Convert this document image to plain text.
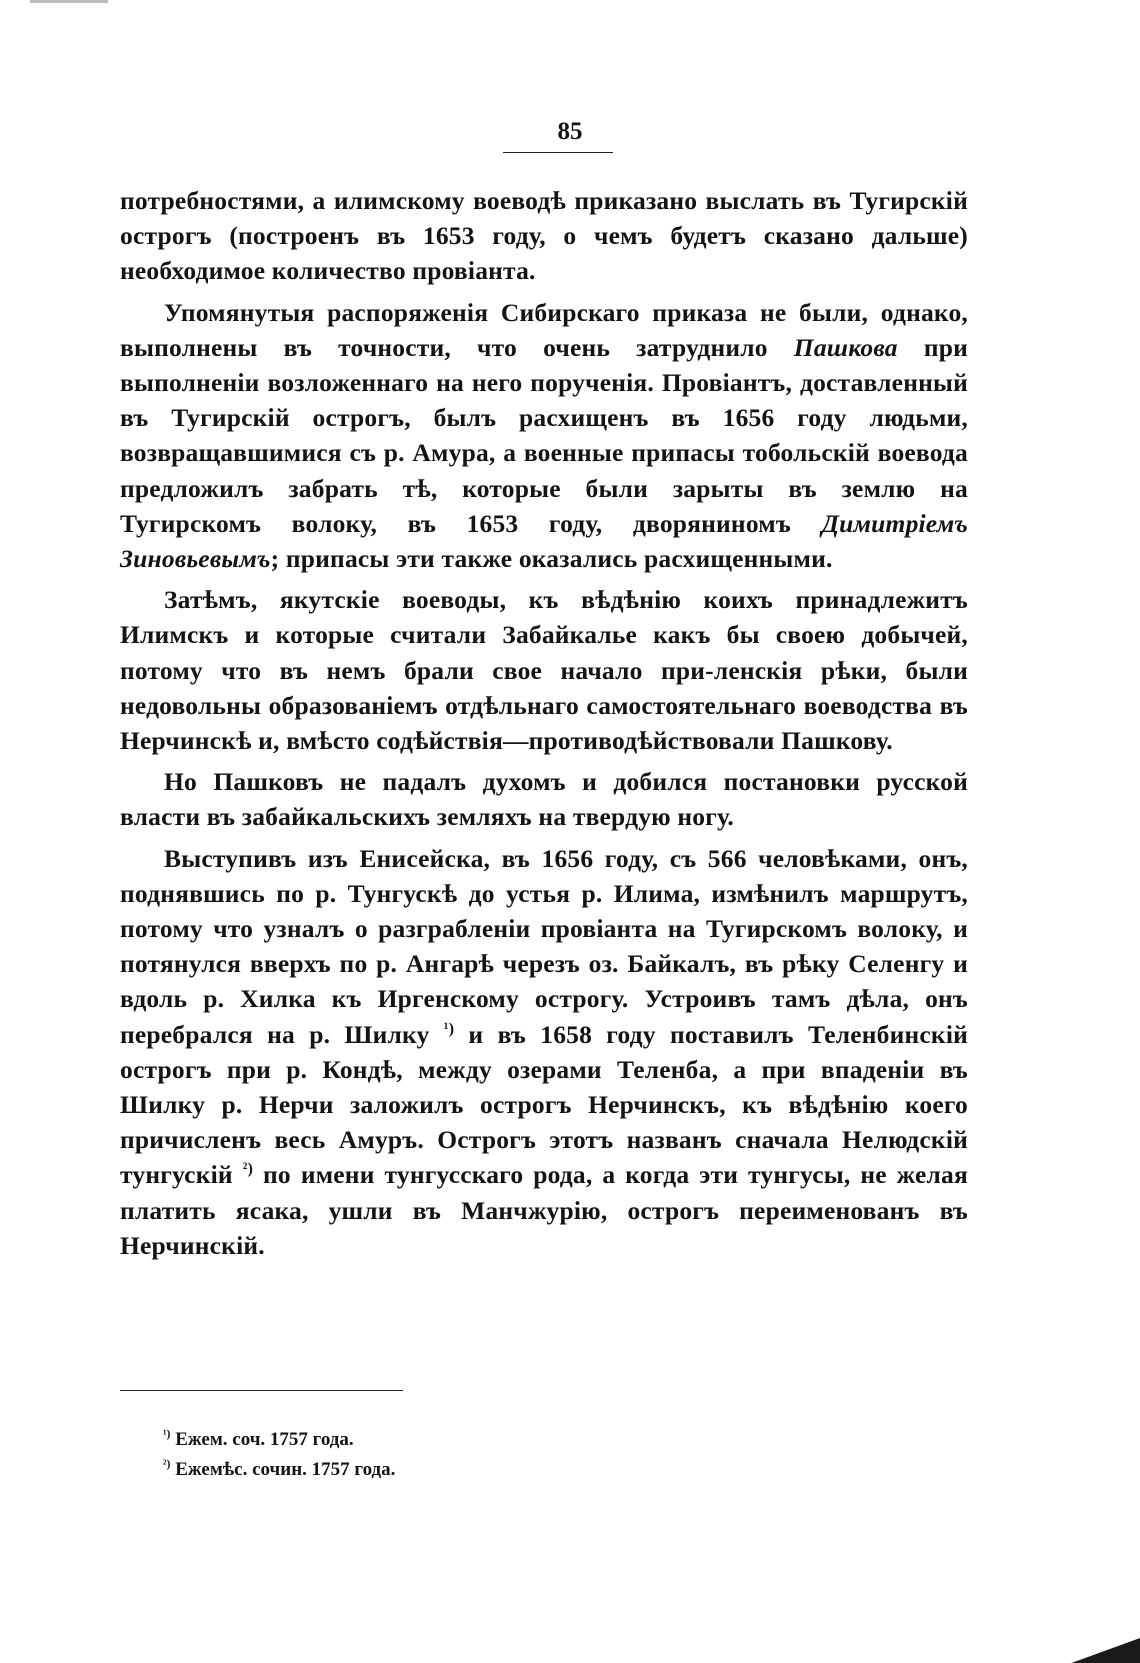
85

потребностями, а илимскому воеводѣ приказано выслать въ Тугирскій острогъ (построенъ въ 1653 году, о чемъ будетъ сказано дальше) необходимое количество провіанта.

Упомянутыя распоряженія Сибирскаго приказа не были, однако, выполнены въ точности, что очень затруднило Пашкова при выполненіи возложеннаго на него порученія. Провіантъ, доставленный въ Тугирскій острогъ, былъ расхищенъ въ 1656 году людьми, возвращавшимися съ р. Амура, а военные припасы тобольскій воевода предложилъ забрать тѣ, которые были зарыты въ землю на Тугирскомъ волоку, въ 1653 году, дворяниномъ Димитріемъ Зиновьевымъ; припасы эти также оказались расхищенными.

Затѣмъ, якутскіе воеводы, къ вѣдѣнію коихъ принадлежитъ Илимскъ и которые считали Забайкалье какъ бы своею добычей, потому что въ немъ брали свое начало при-ленскія рѣки, были недовольны образованіемъ отдѣльнаго самостоятельнаго воеводства въ Нерчинскѣ и, вмѣсто содѣйствія—противодѣйствовали Пашкову.

Но Пашковъ не падалъ духомъ и добился постановки русской власти въ забайкальскихъ земляхъ на твердую ногу.

Выступивъ изъ Енисейска, въ 1656 году, съ 566 человѣками, онъ, поднявшись по р. Тунгускѣ до устья р. Илима, измѣнилъ маршрутъ, потому что узналъ о разграбленіи провіанта на Тугирскомъ волоку, и потянулся вверхъ по р. Ангарѣ черезъ оз. Байкалъ, въ рѣку Селенгу и вдоль р. Хилка къ Иргенскому острогу. Устроивъ тамъ дѣла, онъ перебрался на р. Шилку $^{^1)}$ и въ 1658 году поставилъ Теленбинскій острогъ при р. Кондѣ, между озерами Теленба, а при впаденіи въ Шилку р. Нерчи заложилъ острогъ Нерчинскъ, къ вѣдѣнію коего причисленъ весь Амуръ. Острогъ этотъ названъ сначала Нелюдскій тунгускій $^{^2)}$ по имени тунгусскаго рода, а когда эти тунгусы, не желая платить ясака, ушли въ Манчжурію, острогъ переименованъ въ Нерчинскій.

$^{^1)}$ Ежем. соч. 1757 года.
$^{^2)}$ Ежемѣс. сочин. 1757 года.
